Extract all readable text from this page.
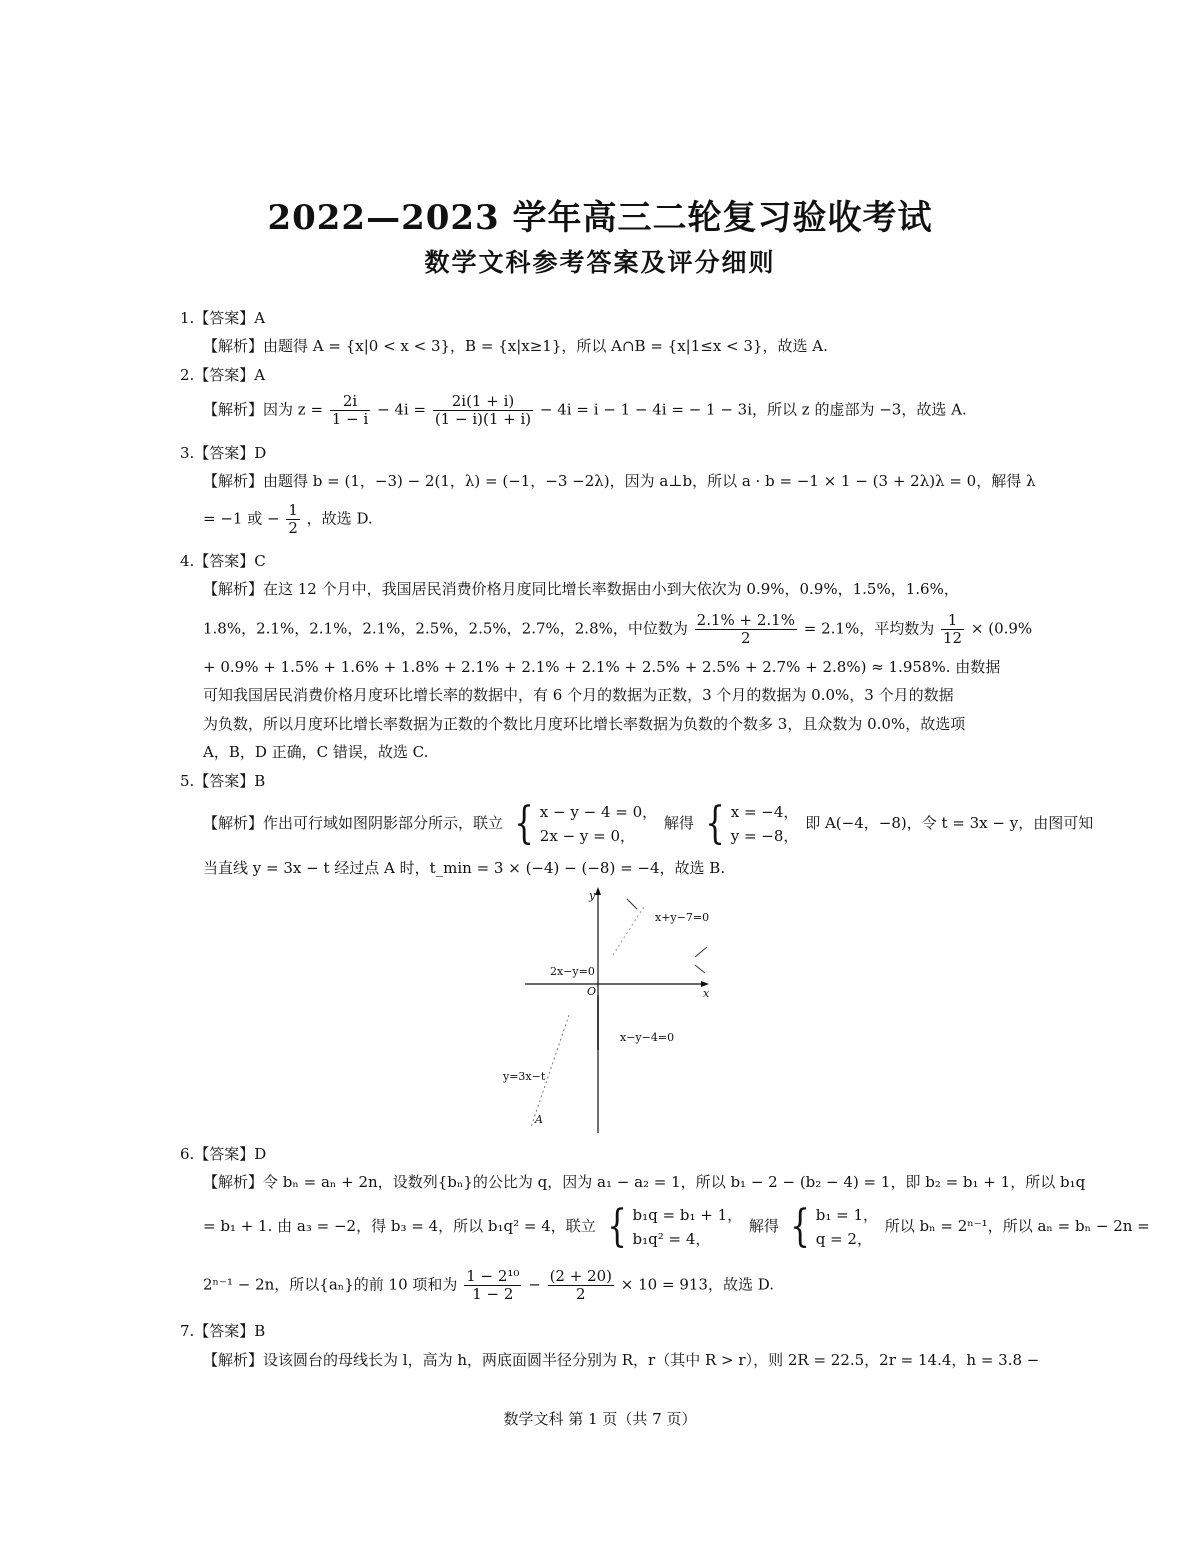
2022—2023 学年高三二轮复习验收考试
数学文科参考答案及评分细则
1.【答案】A
【解析】由题得 A = {x|0 < x < 3}，B = {x|x≥1}，所以 A∩B = {x|1≤x < 3}，故选 A.
2.【答案】A
【解析】因为 $z = \frac{2i}{1 - i} - 4i = \frac{2i(1 + i)}{(1 - i)(1 + i)} - 4i = i - 1 - 4i$ = − 1 − 3i，所以 z 的虚部为 −3，故选 A.
3.【答案】D
【解析】由题得 b = (1，−3) − 2(1，λ) = (−1，−3 −2λ)，因为 a⊥b，所以 a · b = −1 × 1 − (3 + 2λ)λ = 0，解得 λ
= −1 或 − $\frac{1}{2}$ ，故选 D.
4.【答案】C
【解析】在这 12 个月中，我国居民消费价格月度同比增长率数据由小到大依次为 0.9%，0.9%，1.5%，1.6%，
1.8%，2.1%，2.1%，2.1%，2.5%，2.5%，2.7%，2.8%，中位数为 $\frac{2.1\% + 2.1\%}{2} = 2.1\%$，平均数为 $\frac{1}{12} \times (0.9\%$
+ 0.9% + 1.5% + 1.6% + 1.8% + 2.1% + 2.1% + 2.1% + 2.5% + 2.5% + 2.7% + 2.8%) ≈ 1.958%. 由数据
可知我国居民消费价格月度环比增长率的数据中，有 6 个月的数据为正数，3 个月的数据为 0.0%，3 个月的数据
为负数，所以月度环比增长率数据为正数的个数比月度环比增长率数据为负数的个数多 3，且众数为 0.0%，故选项
A，B，D 正确，C 错误，故选 C.
5.【答案】B
【解析】作出可行域如图阴影部分所示，联立 { x − y − 4 = 0，
2x − y = 0，
解得 { x = −4，
y = −8，
即 A(−4，−8)，令 t = 3x − y，由图可知
当直线 y = 3x − t 经过点 A 时，t_min = 3 × (−4) − (−8) = −4，故选 B.
y
x
O
x+y−7=0
2x−y=0
x−y−4=0
y=3x−t
A
6.【答案】D
【解析】令 bₙ = aₙ + 2n，设数列{bₙ}的公比为 q，因为 a₁ − a₂ = 1，所以 b₁ − 2 − (b₂ − 4) = 1，即 b₂ = b₁ + 1，所以 b₁q
= b₁ + 1. 由 a₃ = −2，得 b₃ = 4，所以 b₁q² = 4，联立 { b₁q = b₁ + 1，
b₁q² = 4，
解得 { b₁ = 1，
q = 2，
所以 bₙ = 2ⁿ⁻¹，所以 aₙ = bₙ − 2n =
2ⁿ⁻¹ − 2n，所以{aₙ}的前 10 项和为 $\frac{\text{1 − 2¹⁰}}{1 - 2} - \frac{(2 + 20)}{2} \times 10 = 913$，故选 D.
7.【答案】B
【解析】设该圆台的母线长为 l，高为 h，两底面圆半径分别为 R，r（其中 R > r），则 2R = 22.5，2r = 14.4，h = 3.8 −
数学文科 第 1 页（共 7 页）
